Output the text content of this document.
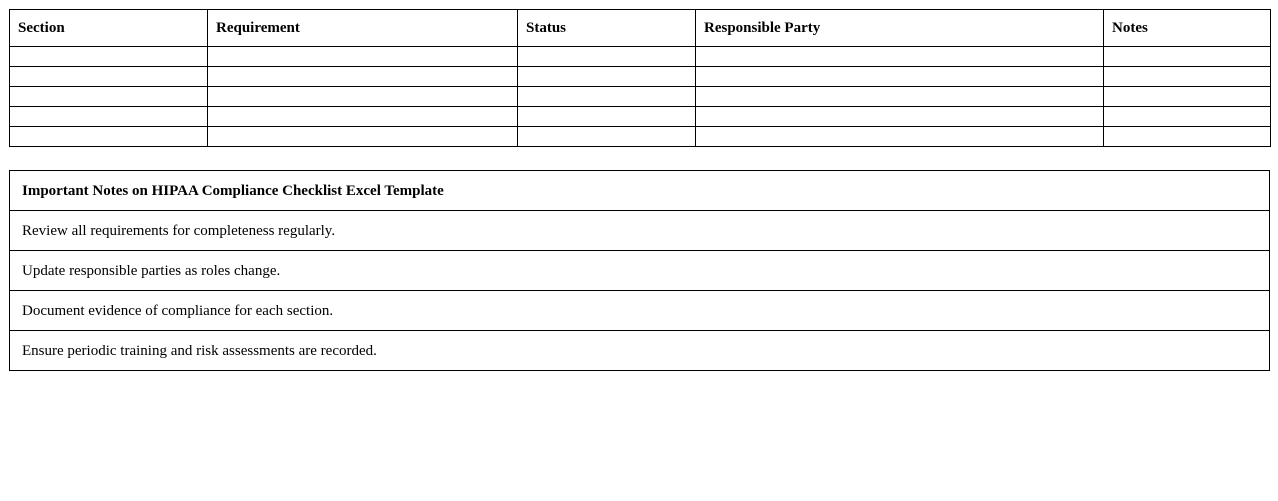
Section	Requirement	Status	Responsible Party	Notes

Important Notes on HIPAA Compliance Checklist Excel Template
Review all requirements for completeness regularly.
Update responsible parties as roles change.
Document evidence of compliance for each section.
Ensure periodic training and risk assessments are recorded.
